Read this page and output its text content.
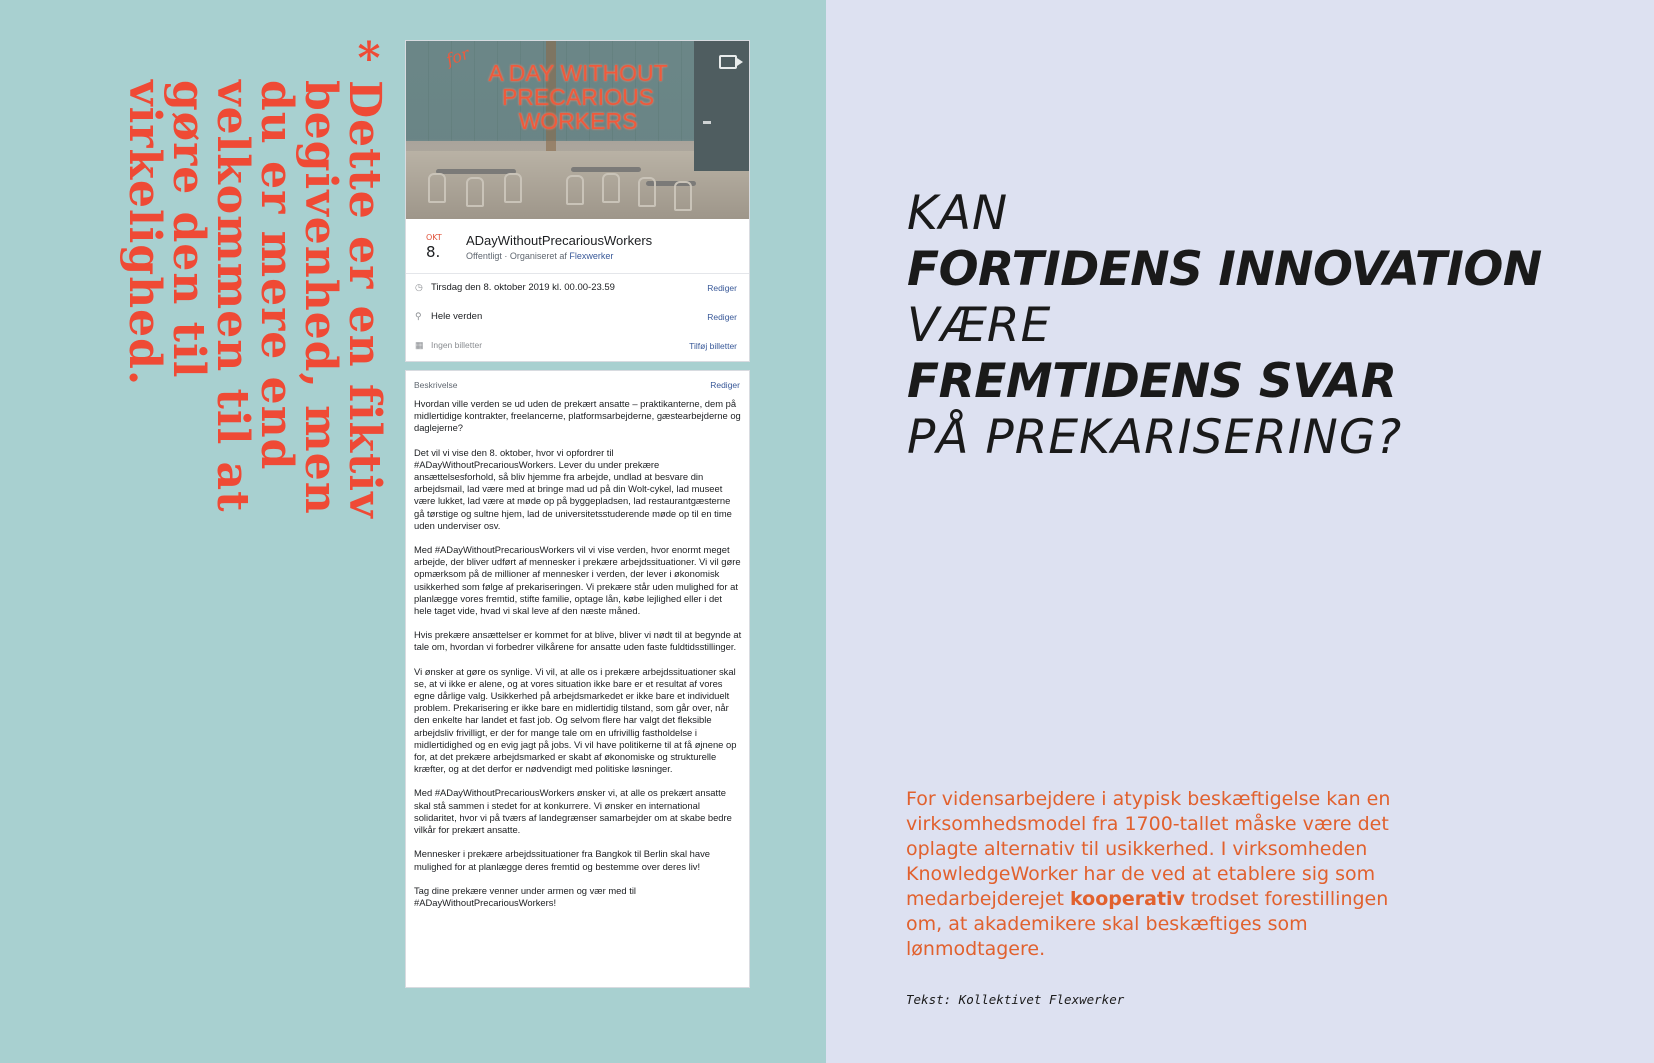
*
Dette er en fiktiv
begivenhed, men
du er mere end
velkommen til at
gøre den til
virkelighed.
for
A DAY WITHOUT
PRECARIOUS
WORKERS
OKT
8.
ADayWithoutPrecariousWorkers
Offentligt · Organiseret af Flexwerker
◷ Tirsdag den 8. oktober 2019 kl. 00.00-23.59	Rediger
⚲ Hele verden	Rediger
▦ Ingen billetter	Tilføj billetter
Beskrivelse	Rediger

Hvordan ville verden se ud uden de prekært ansatte – praktikanterne, dem på midlertidige kontrakter, freelancerne, platformsarbejderne, gæstearbejderne og daglejerne?

Det vil vi vise den 8. oktober, hvor vi opfordrer til #ADayWithoutPrecariousWorkers. Lever du under prekære ansættelsesforhold, så bliv hjemme fra arbejde, undlad at besvare din arbejdsmail, lad være med at bringe mad ud på din Wolt-cykel, lad museet være lukket, lad være at møde op på byggepladsen, lad restaurantgæsterne gå tørstige og sultne hjem, lad de universitetsstuderende møde op til en time uden underviser osv.

Med #ADayWithoutPrecariousWorkers vil vi vise verden, hvor enormt meget arbejde, der bliver udført af mennesker i prekære arbejdssituationer. Vi vil gøre opmærksom på de millioner af mennesker i verden, der lever i økonomisk usikkerhed som følge af prekariseringen. Vi prekære står uden mulighed for at planlægge vores fremtid, stifte familie, optage lån, købe lejlighed eller i det hele taget vide, hvad vi skal leve af den næste måned.

Hvis prekære ansættelser er kommet for at blive, bliver vi nødt til at begynde at tale om, hvordan vi forbedrer vilkårene for ansatte uden faste fuldtidsstillinger.

Vi ønsker at gøre os synlige. Vi vil, at alle os i prekære arbejdssituationer skal se, at vi ikke er alene, og at vores situation ikke bare er et resultat af vores egne dårlige valg. Usikkerhed på arbejdsmarkedet er ikke bare et individuelt problem. Prekarisering er ikke bare en midlertidig tilstand, som går over, når den enkelte har landet et fast job. Og selvom flere har valgt det fleksible arbejdsliv frivilligt, er der for mange tale om en ufrivillig fastholdelse i midlertidighed og en evig jagt på jobs. Vi vil have politikerne til at få øjnene op for, at det prekære arbejdsmarked er skabt af økonomiske og strukturelle kræfter, og at det derfor er nødvendigt med politiske løsninger.

Med #ADayWithoutPrecariousWorkers ønsker vi, at alle os prekært ansatte skal stå sammen i stedet for at konkurrere. Vi ønsker en international solidaritet, hvor vi på tværs af landegrænser samarbejder om at skabe bedre vilkår for prekært ansatte.

Mennesker i prekære arbejdssituationer fra Bangkok til Berlin skal have mulighed for at planlægge deres fremtid og bestemme over deres liv!

Tag dine prekære venner under armen og vær med til #ADayWithoutPrecariousWorkers!

KAN
FORTIDENS INNOVATION
VÆRE
FREMTIDENS SVAR
PÅ PREKARISERING?
For vidensarbejdere i atypisk beskæftigelse kan en virksomhedsmodel fra 1700-tallet måske være det oplagte alternativ til usikkerhed. I virksomheden KnowledgeWorker har de ved at etablere sig som medarbejderejet kooperativ trodset forestillingen om, at akademikere skal beskæftiges som lønmodtagere.
Tekst: Kollektivet Flexwerker
